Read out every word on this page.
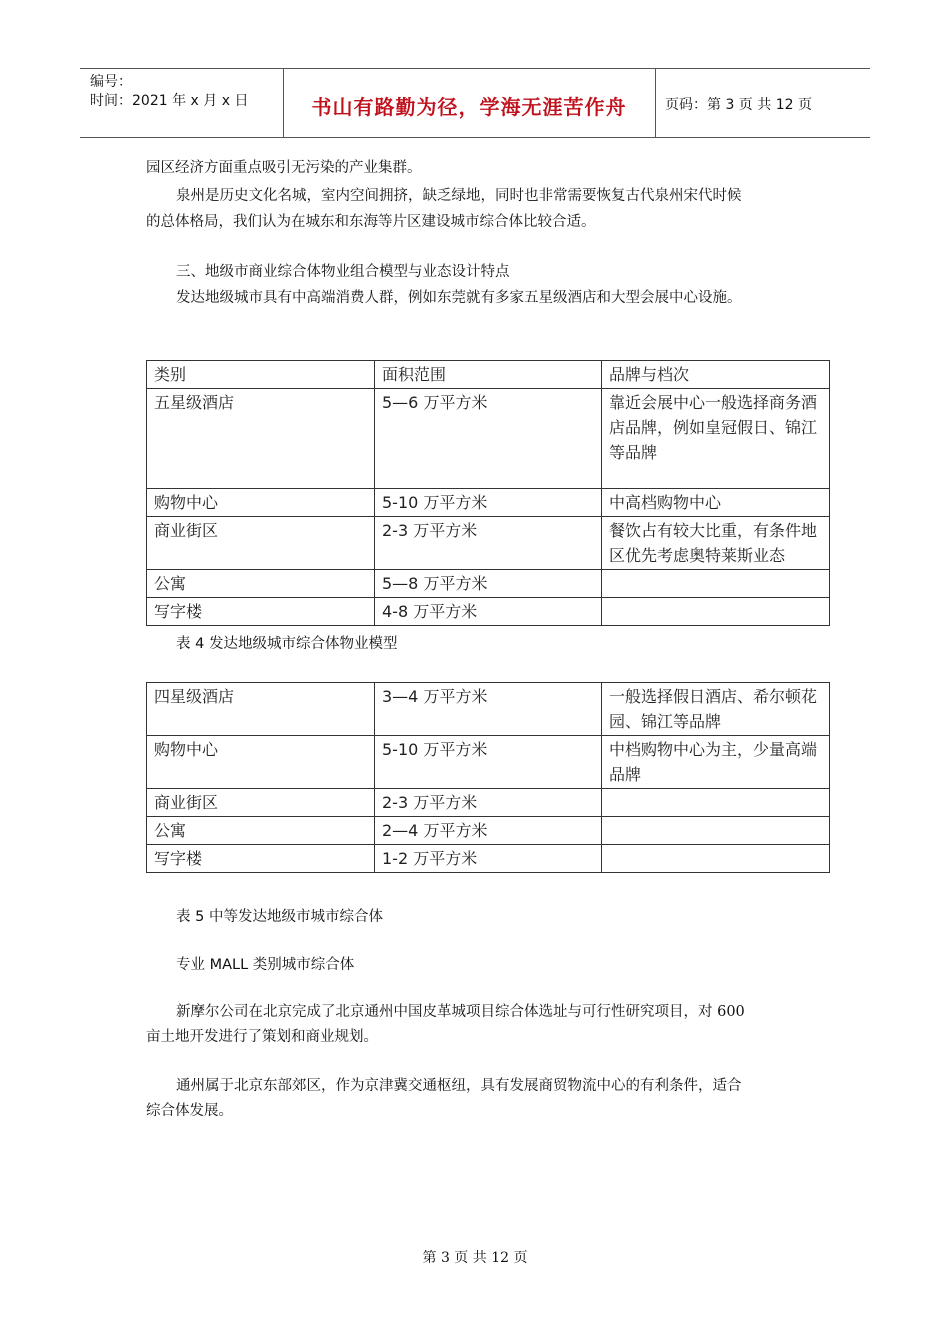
编号：
时间：2021 年 x 月 x 日	书山有路勤为径，学海无涯苦作舟	页码：第 3 页 共 12 页
园区经济方面重点吸引无污染的产业集群。
泉州是历史文化名城，室内空间拥挤，缺乏绿地，同时也非常需要恢复古代泉州宋代时候
的总体格局，我们认为在城东和东海等片区建设城市综合体比较合适。
三、地级市商业综合体物业组合模型与业态设计特点
发达地级城市具有中高端消费人群，例如东莞就有多家五星级酒店和大型会展中心设施。
类别	面积范围	品牌与档次
五星级酒店	5—6 万平方米	靠近会展中心一般选择商务酒店品牌，例如皇冠假日、锦江等品牌
购物中心	5-10 万平方米	中高档购物中心
商业街区	2-3 万平方米	餐饮占有较大比重，有条件地区优先考虑奥特莱斯业态
公寓	5—8 万平方米	
写字楼	4-8 万平方米	
表 4 发达地级城市综合体物业模型
四星级酒店	3—4 万平方米	一般选择假日酒店、希尔顿花园、锦江等品牌
购物中心	5-10 万平方米	中档购物中心为主，少量高端品牌
商业街区	2-3 万平方米	
公寓	2—4 万平方米	
写字楼	1-2 万平方米	
表 5 中等发达地级市城市综合体
专业 MALL 类别城市综合体
新摩尔公司在北京完成了北京通州中国皮革城项目综合体选址与可行性研究项目，对 600
亩土地开发进行了策划和商业规划。
通州属于北京东部郊区，作为京津冀交通枢纽，具有发展商贸物流中心的有利条件，适合
综合体发展。
第 3 页 共 12 页
